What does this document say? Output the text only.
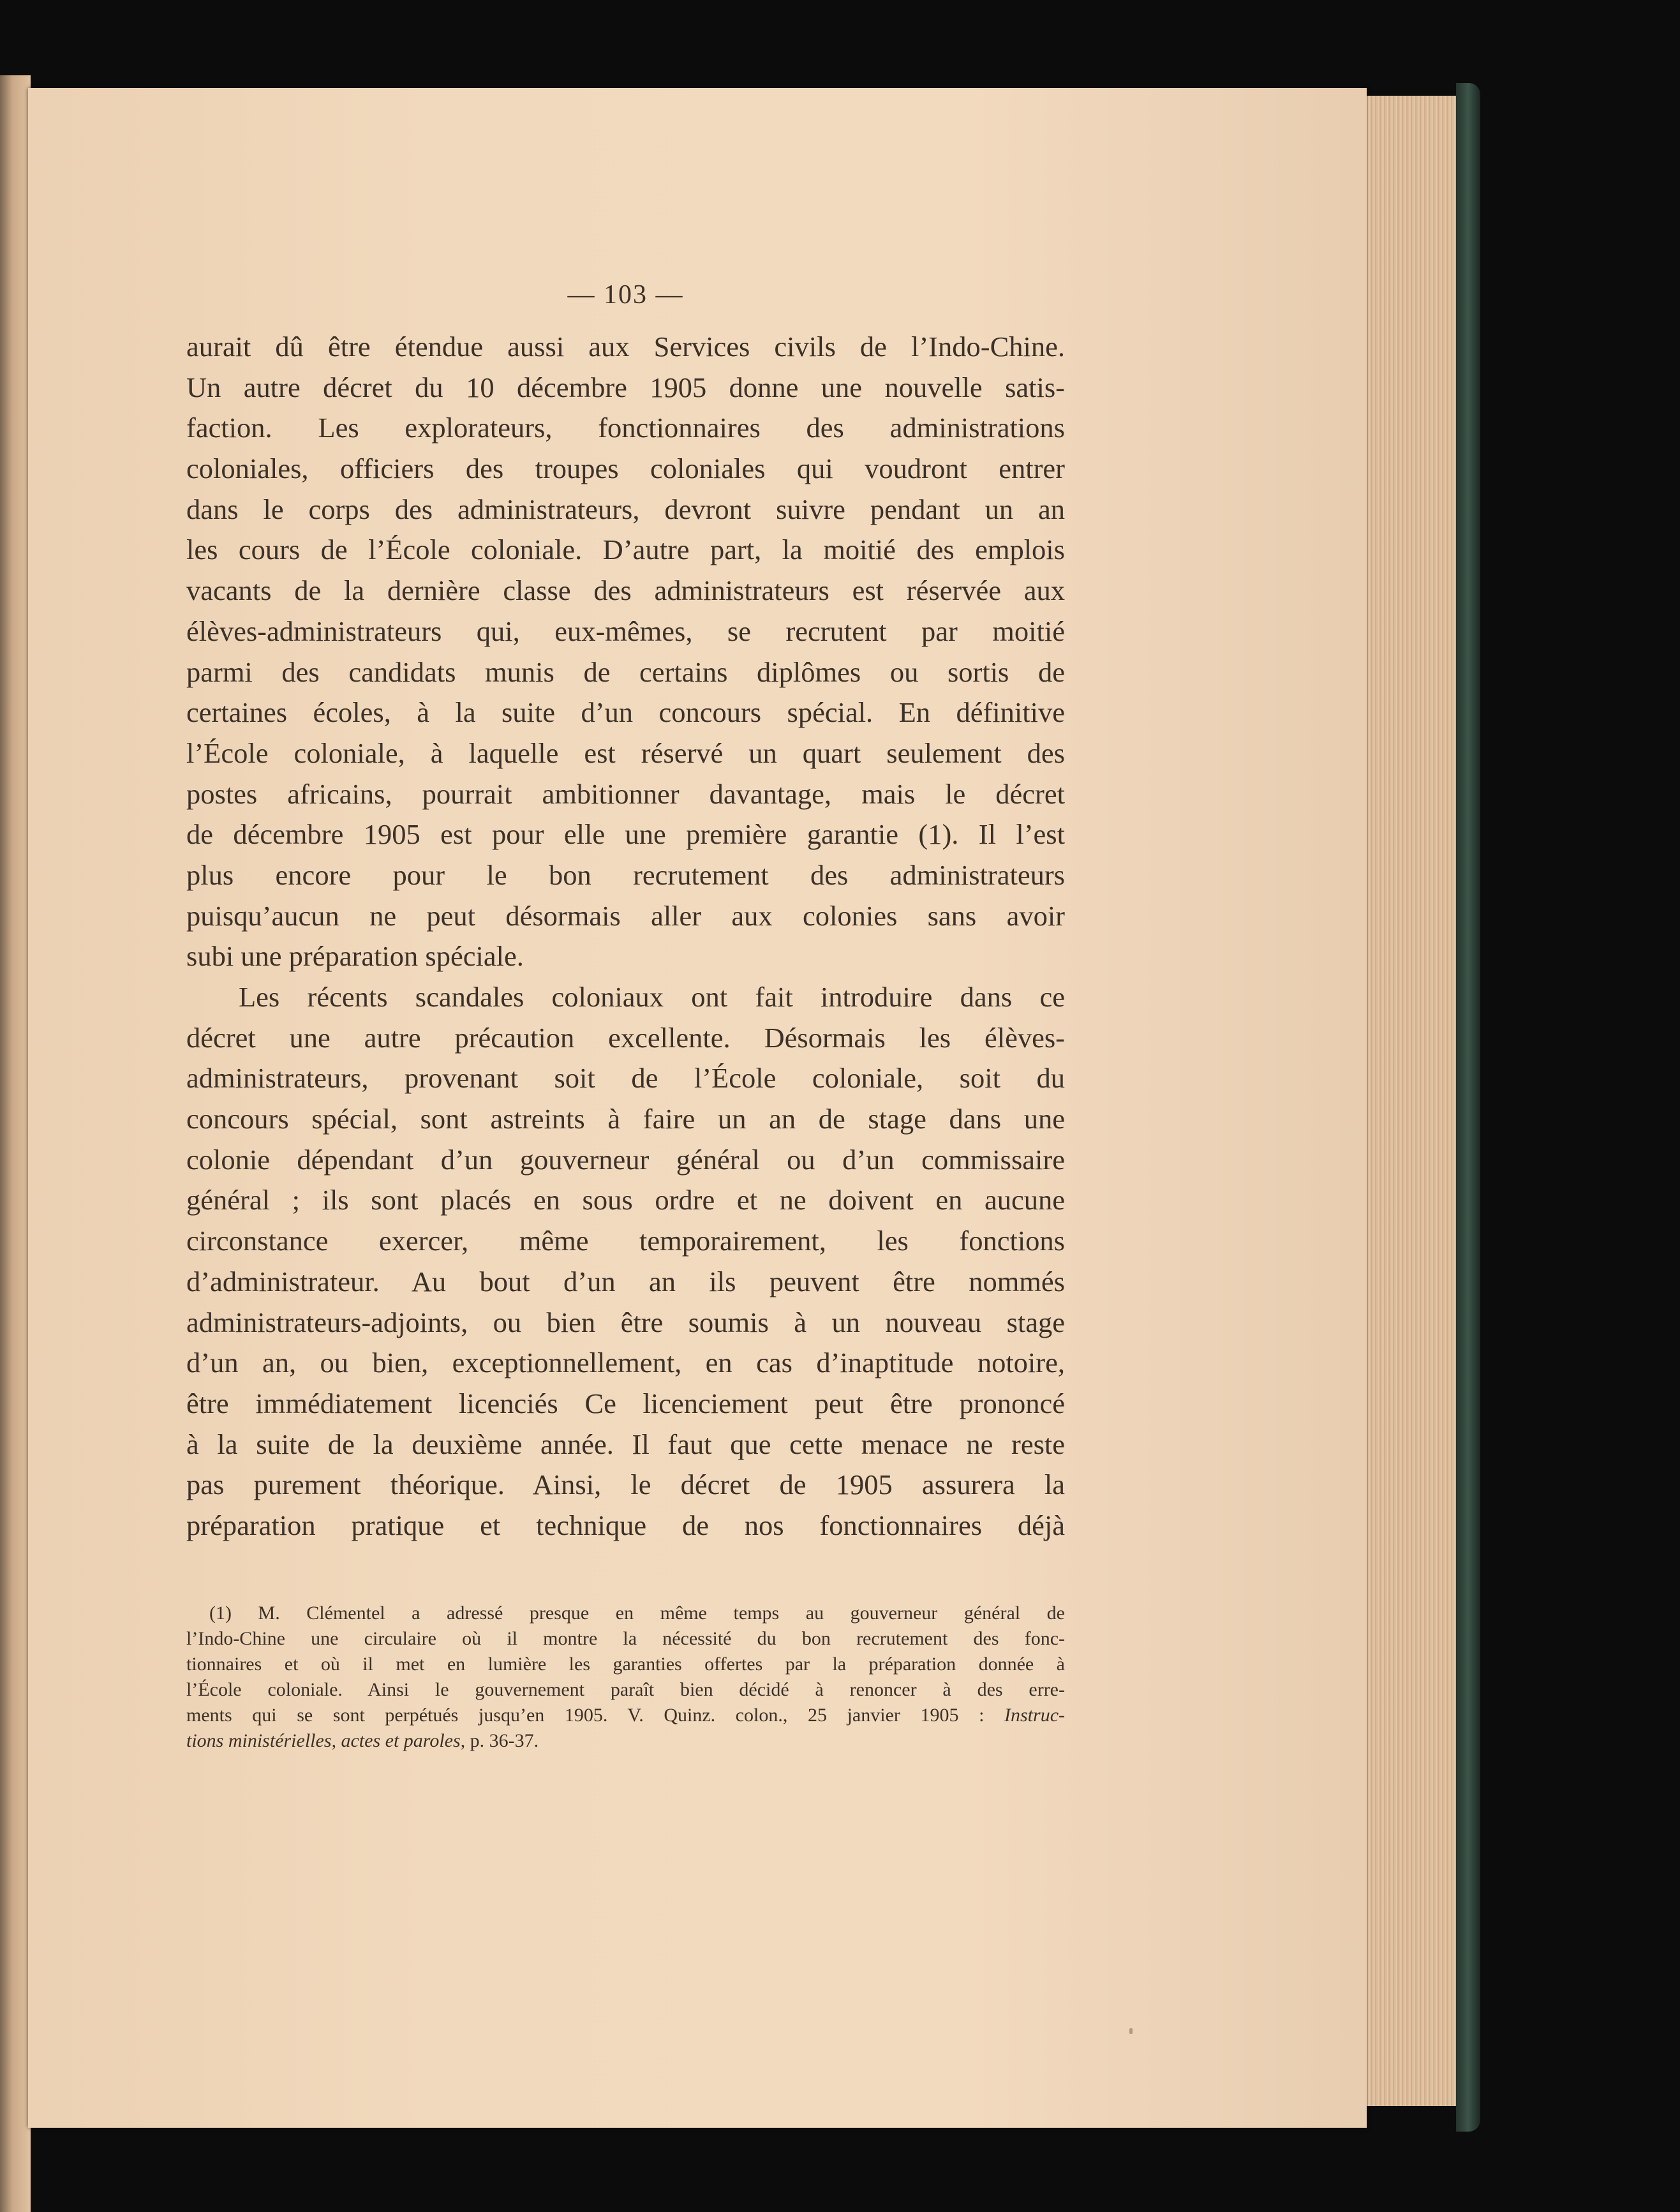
— 103 —
aurait dû être étendue aussi aux Services civils de l’Indo-Chine.
Un autre décret du 10 décembre 1905 donne une nouvelle satis-
faction. Les explorateurs, fonctionnaires des administrations
coloniales, officiers des troupes coloniales qui voudront entrer
dans le corps des administrateurs, devront suivre pendant un an
les cours de l’École coloniale. D’autre part, la moitié des emplois
vacants de la dernière classe des administrateurs est réservée aux
élèves-administrateurs qui, eux-mêmes, se recrutent par moitié
parmi des candidats munis de certains diplômes ou sortis de
certaines écoles, à la suite d’un concours spécial. En définitive
l’École coloniale, à laquelle est réservé un quart seulement des
postes africains, pourrait ambitionner davantage, mais le décret
de décembre 1905 est pour elle une première garantie (1). Il l’est
plus encore pour le bon recrutement des administrateurs
puisqu’aucun ne peut désormais aller aux colonies sans avoir
subi une préparation spéciale.
Les récents scandales coloniaux ont fait introduire dans ce
décret une autre précaution excellente. Désormais les élèves-
administrateurs, provenant soit de l’École coloniale, soit du
concours spécial, sont astreints à faire un an de stage dans une
colonie dépendant d’un gouverneur général ou d’un commissaire
général ; ils sont placés en sous ordre et ne doivent en aucune
circonstance exercer, même temporairement, les fonctions
d’administrateur. Au bout d’un an ils peuvent être nommés
administrateurs-adjoints, ou bien être soumis à un nouveau stage
d’un an, ou bien, exceptionnellement, en cas d’inaptitude notoire,
être immédiatement licenciés Ce licenciement peut être prononcé
à la suite de la deuxième année. Il faut que cette menace ne reste
pas purement théorique. Ainsi, le décret de 1905 assurera la
préparation pratique et technique de nos fonctionnaires déjà
(1) M. Clémentel a adressé presque en même temps au gouverneur général de
l’Indo-Chine une circulaire où il montre la nécessité du bon recrutement des fonc-
tionnaires et où il met en lumière les garanties offertes par la préparation donnée à
l’École coloniale. Ainsi le gouvernement paraît bien décidé à renoncer à des erre-
ments qui se sont perpétués jusqu’en 1905. V. Quinz. colon., 25 janvier 1905 : Instruc-
tions ministérielles, actes et paroles, p. 36-37.
